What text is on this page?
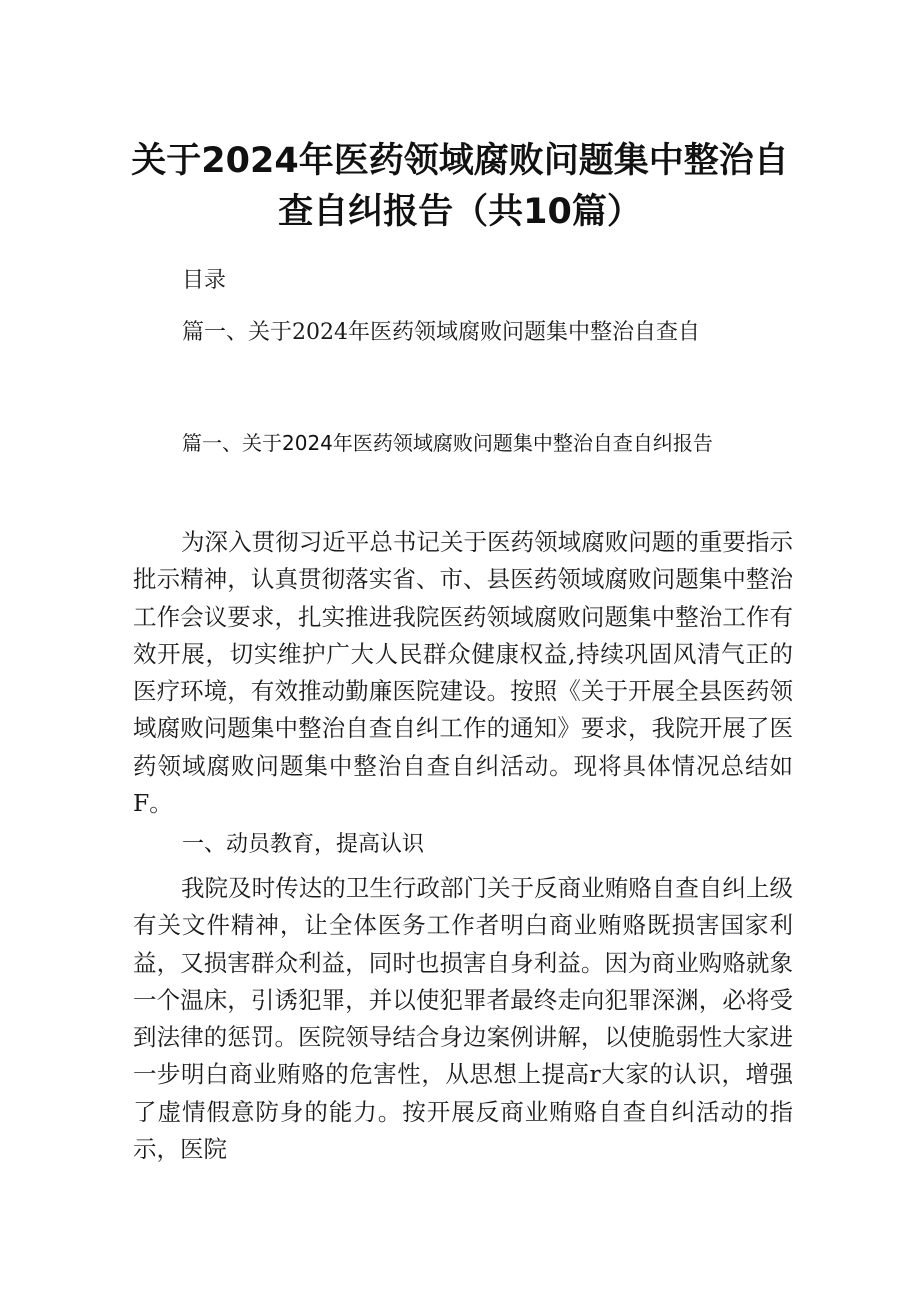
关于2024年医药领域腐败问题集中整治自
查自纠报告（共10篇）
目录
篇一、关于2024年医药领域腐败问题集中整治自查自
篇一、关于2024年医药领域腐败问题集中整治自查自纠报告

为深入贯彻习近平总书记关于医药领域腐败问题的重要指示批示精神，认真贯彻落实省、市、县医药领域腐败问题集中整治工作会议要求，扎实推进我院医药领域腐败问题集中整治工作有效开展，切实维护广大人民群众健康权益,持续巩固风清气正的医疗环境，有效推动勤廉医院建设。按照《关于开展全县医药领域腐败问题集中整治自查自纠工作的通知》要求，我院开展了医药领域腐败问题集中整治自查自纠活动。现将具体情况总结如F。

一、动员教育，提高认识

我院及时传达的卫生行政部门关于反商业贿赂自查自纠上级有关文件精神，让全体医务工作者明白商业贿赂既损害国家利益，又损害群众利益，同时也损害自身利益。因为商业购赂就象一个温床，引诱犯罪，并以使犯罪者最终走向犯罪深渊，必将受到法律的惩罚。医院领导结合身边案例讲解，以使脆弱性大家进一步明白商业贿赂的危害性，从思想上提高r大家的认识，增强了虚情假意防身的能力。按开展反商业贿赂自查自纠活动的指示，医院
